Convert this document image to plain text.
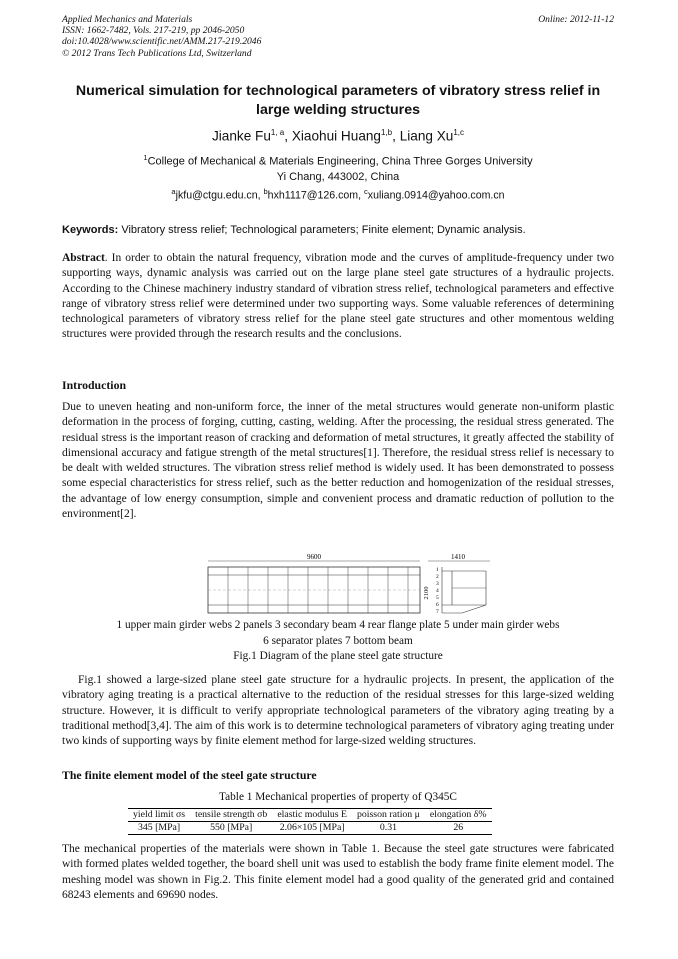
Applied Mechanics and Materials
ISSN: 1662-7482, Vols. 217-219, pp 2046-2050
doi:10.4028/www.scientific.net/AMM.217-219.2046
© 2012 Trans Tech Publications Ltd, Switzerland
Online: 2012-11-12
Numerical simulation for technological parameters of vibratory stress relief in large welding structures
Jianke Fu$^{1, a}$, Xiaohui Huang$^{1,b}$, Liang Xu$^{1,c}$
$^1$College of Mechanical & Materials Engineering, China Three Gorges University
Yi Chang, 443002, China
$^a$jkfu@ctgu.edu.cn, $^b$hxh1117@126.com, $^c$xuliang.0914@yahoo.com.cn
Keywords: Vibratory stress relief; Technological parameters; Finite element; Dynamic analysis.
Abstract. In order to obtain the natural frequency, vibration mode and the curves of amplitude-frequency under two supporting ways, dynamic analysis was carried out on the large plane steel gate structures of a hydraulic projects. According to the Chinese machinery industry standard of vibration stress relief, technological parameters and effective range of vibratory stress relief were determined under two supporting ways. Some valuable references of determining technological parameters of vibratory stress relief for the plane steel gate structures and other momentous welding structures were provided through the research results and the conclusions.
Introduction
Due to uneven heating and non-uniform force, the inner of the metal structures would generate non-uniform plastic deformation in the process of forging, cutting, casting, welding. After the processing, the residual stress generated. The residual stress is the important reason of cracking and deformation of metal structures, it greatly affected the stability of dimensional accuracy and fatigue strength of the metal structures[1]. Therefore, the residual stress relief is necessary to be dealt with welded structures. The vibration stress relief method is widely used. It has been demonstrated to possess some especial characteristics for stress relief, such as the better reduction and homogenization of the residual stresses, the advantage of low energy consumption, simple and convenient process and dramatic reduction of pollution to the environment[2].
9600	1410
2100
1
2
3
4
5
6
7
1 upper main girder webs 2 panels 3 secondary beam 4 rear flange plate 5 under main girder webs
6 separator plates 7 bottom beam
Fig.1 Diagram of the plane steel gate structure
Fig.1 showed a large-sized plane steel gate structure for a hydraulic projects. In present, the application of the vibratory aging treating is a practical alternative to the reduction of the residual stresses for this large-sized welding structure. However, it is difficult to verify appropriate technological parameters of the vibratory aging treating by a traditional method[3,4]. The aim of this work is to determine technological parameters of vibratory aging treating under two kinds of supporting ways by finite element method for large-sized welding structures.
The finite element model of the steel gate structure
Table 1 Mechanical properties of property of Q345C
yield limit σs	tensile strength σb	elastic modulus E	poisson ration μ	elongation δ%
345 [MPa]	550 [MPa]	2.06×105 [MPa]	0.31	26
The mechanical properties of the materials were shown in Table 1. Because the steel gate structures were fabricated with formed plates welded together, the board shell unit was used to establish the body frame finite element model. The meshing model was shown in Fig.2. This finite element model had a good quality of the generated grid and contained 68243 elements and 69690 nodes.
